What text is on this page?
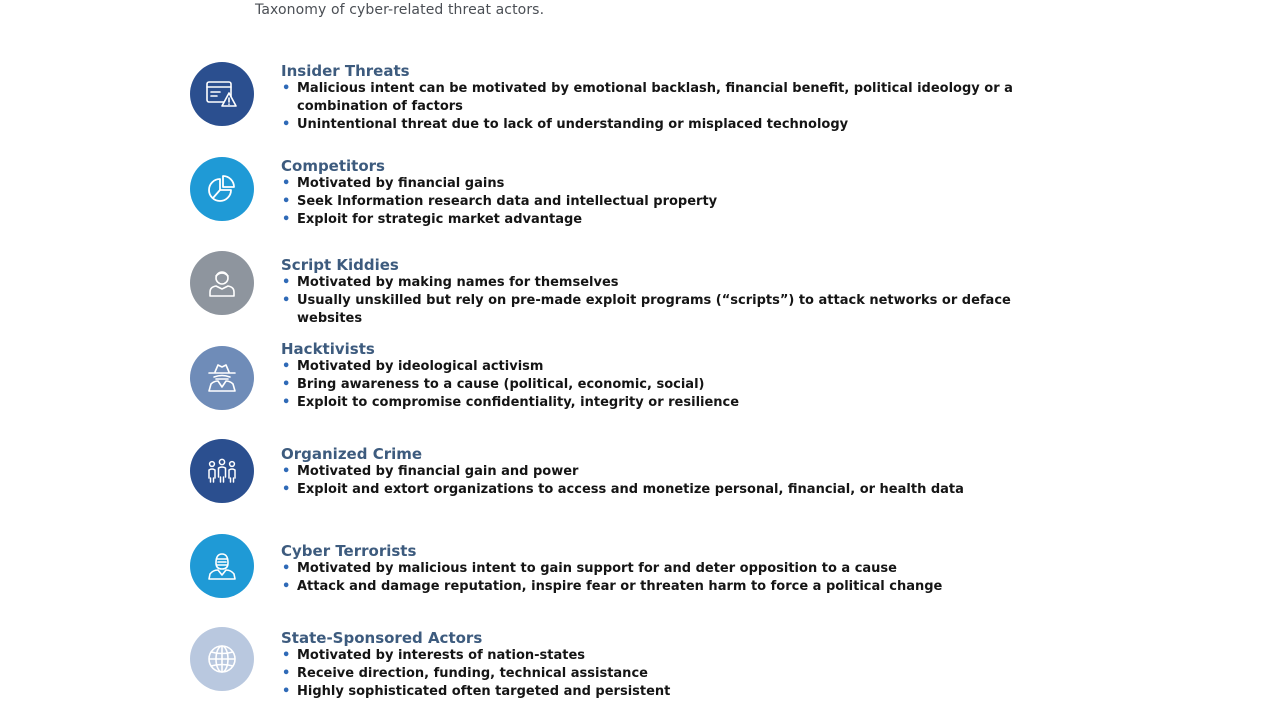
Taxonomy of cyber-related threat actors.
Insider Threats
• Malicious intent can be motivated by emotional backlash, financial benefit, political ideology or a combination of factors
• Unintentional threat due to lack of understanding or misplaced technology
Competitors
• Motivated by financial gains
• Seek Information research data and intellectual property
• Exploit for strategic market advantage
Script Kiddies
• Motivated by making names for themselves
• Usually unskilled but rely on pre-made exploit programs (“scripts”) to attack networks or deface websites
Hacktivists
• Motivated by ideological activism
• Bring awareness to a cause (political, economic, social)
• Exploit to compromise confidentiality, integrity or resilience
Organized Crime
• Motivated by financial gain and power
• Exploit and extort organizations to access and monetize personal, financial, or health data
Cyber Terrorists
• Motivated by malicious intent to gain support for and deter opposition to a cause
• Attack and damage reputation, inspire fear or threaten harm to force a political change
State-Sponsored Actors
• Motivated by interests of nation-states
• Receive direction, funding, technical assistance
• Highly sophisticated often targeted and persistent
